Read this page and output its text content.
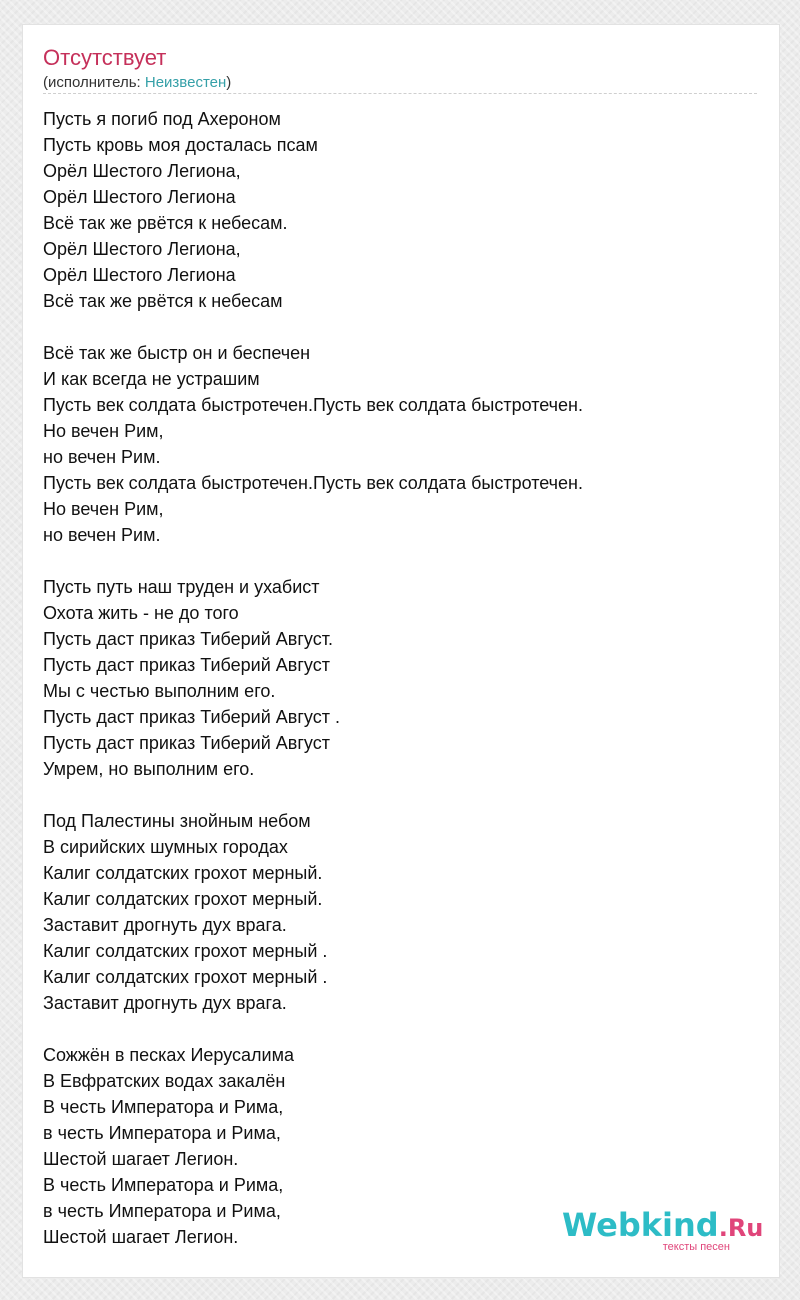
Отсутствует
(исполнитель: Неизвестен)
Пусть я погиб под Ахероном
Пусть кровь моя досталась псам
Орёл Шестого Легиона,
Орёл Шестого Легиона
Всё так же рвётся к небесам.
Орёл Шестого Легиона,
Орёл Шестого Легиона
Всё так же рвётся к небесам
Всё так же быстр он и беспечен
И как всегда не устрашим
Пусть век солдата быстротечен.Пусть век солдата быстротечен.
Но вечен Рим,
но вечен Рим.
Пусть век солдата быстротечен.Пусть век солдата быстротечен.
Но вечен Рим,
но вечен Рим.
Пусть путь наш труден и ухабист
Охота жить - не до того
Пусть даст приказ Тиберий Август.
Пусть даст приказ Тиберий Август
Мы с честью выполним его.
Пусть даст приказ Тиберий Август .
Пусть даст приказ Тиберий Август
Умрем, но выполним его.
Под Палестины знойным небом
В сирийских шумных городах
Калиг солдатских грохот мерный.
Калиг солдатских грохот мерный.
Заставит дрогнуть дух врага.
Калиг солдатских грохот мерный .
Калиг солдатских грохот мерный .
Заставит дрогнуть дух врага.
Сожжён в песках Иерусалима
В Евфратских водах закалён
В честь Императора и Рима,
в честь Императора и Рима,
Шестой шагает Легион.
В честь Императора и Рима,
в честь Императора и Рима,
Шестой шагает Легион.	Webkind.Ru
тексты песен
